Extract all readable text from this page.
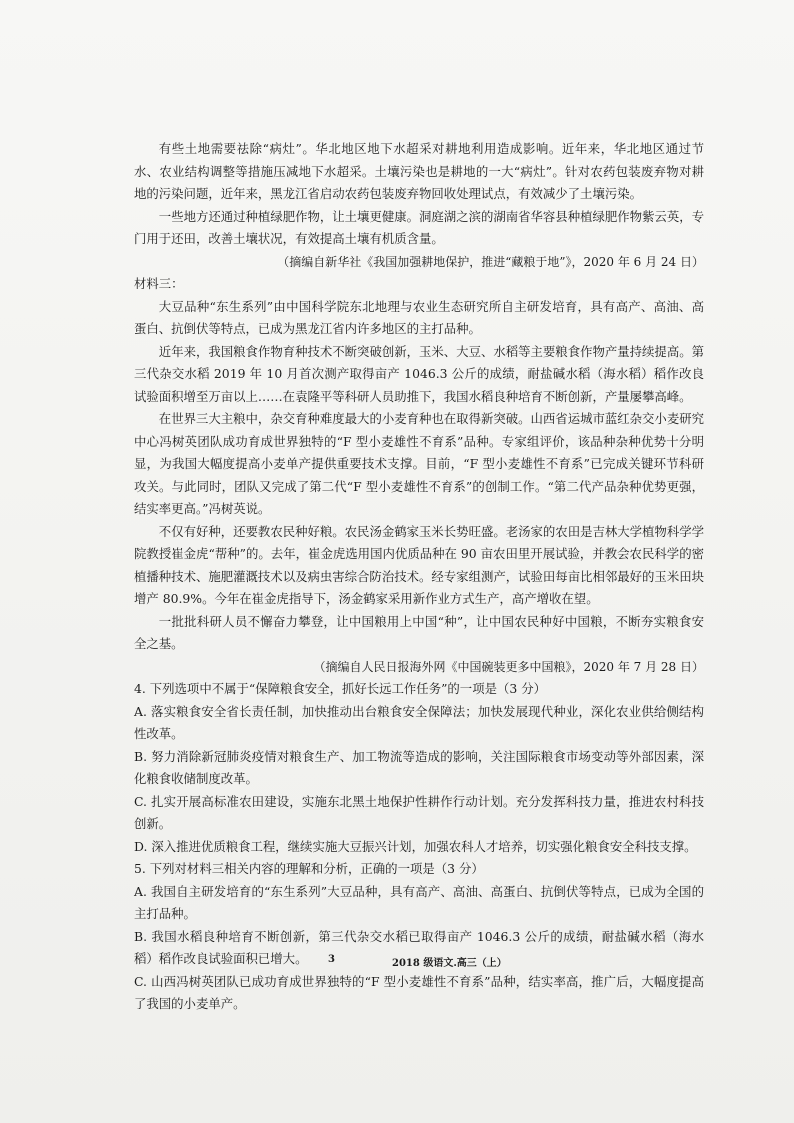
有些土地需要祛除“病灶”。华北地区地下水超采对耕地利用造成影响。近年来，华北地区通过节水、农业结构调整等措施压减地下水超采。土壤污染也是耕地的一大“病灶”。针对农药包装废弃物对耕地的污染问题，近年来，黑龙江省启动农药包装废弃物回收处理试点，有效减少了土壤污染。

一些地方还通过种植绿肥作物，让土壤更健康。洞庭湖之滨的湖南省华容县种植绿肥作物紫云英，专门用于还田，改善土壤状况，有效提高土壤有机质含量。

（摘编自新华社《我国加强耕地保护，推进“藏粮于地”》，2020 年 6 月 24 日）

材料三：

大豆品种“东生系列”由中国科学院东北地理与农业生态研究所自主研发培育，具有高产、高油、高蛋白、抗倒伏等特点，已成为黑龙江省内许多地区的主打品种。

近年来，我国粮食作物育种技术不断突破创新，玉米、大豆、水稻等主要粮食作物产量持续提高。第三代杂交水稻 2019 年 10 月首次测产取得亩产 1046.3 公斤的成绩，耐盐碱水稻（海水稻）稻作改良试验面积增至万亩以上……在袁隆平等科研人员助推下，我国水稻良种培育不断创新，产量屡攀高峰。

在世界三大主粮中，杂交育种难度最大的小麦育种也在取得新突破。山西省运城市蓝红杂交小麦研究中心冯树英团队成功育成世界独特的“F 型小麦雄性不育系”品种。专家组评价，该品种杂种优势十分明显，为我国大幅度提高小麦单产提供重要技术支撑。目前，“F 型小麦雄性不育系”已完成关键环节科研攻关。与此同时，团队又完成了第二代“F 型小麦雄性不育系”的创制工作。“第二代产品杂种优势更强，结实率更高。”冯树英说。

不仅有好种，还要教农民种好粮。农民汤金鹤家玉米长势旺盛。老汤家的农田是吉林大学植物科学学院教授崔金虎“帮种”的。去年，崔金虎选用国内优质品种在 90 亩农田里开展试验，并教会农民科学的密植播种技术、施肥灌溉技术以及病虫害综合防治技术。经专家组测产，试验田每亩比相邻最好的玉米田块增产 80.9%。今年在崔金虎指导下，汤金鹤家采用新作业方式生产，高产增收在望。

一批批科研人员不懈奋力攀登，让中国粮用上中国“种”，让中国农民种好中国粮，不断夯实粮食安全之基。

（摘编自人民日报海外网《中国碗装更多中国粮》，2020 年 7 月 28 日）

4. 下列选项中不属于“保障粮食安全，抓好长远工作任务”的一项是（3 分）

A. 落实粮食安全省长责任制，加快推动出台粮食安全保障法；加快发展现代种业，深化农业供给侧结构性改革。

B. 努力消除新冠肺炎疫情对粮食生产、加工物流等造成的影响，关注国际粮食市场变动等外部因素，深化粮食收储制度改革。

C. 扎实开展高标准农田建设，实施东北黑土地保护性耕作行动计划。充分发挥科技力量，推进农村科技创新。

D. 深入推进优质粮食工程，继续实施大豆振兴计划，加强农科人才培养，切实强化粮食安全科技支撑。

5. 下列对材料三相关内容的理解和分析，正确的一项是（3 分）

A. 我国自主研发培育的“东生系列”大豆品种，具有高产、高油、高蛋白、抗倒伏等特点，已成为全国的主打品种。

B. 我国水稻良种培育不断创新，第三代杂交水稻已取得亩产 1046.3 公斤的成绩，耐盐碱水稻（海水稻）稻作改良试验面积已增大。

C. 山西冯树英团队已成功育成世界独特的“F 型小麦雄性不育系”品种，结实率高，推广后，大幅度提高了我国的小麦单产。

3	2018 级语文.高三（上）
